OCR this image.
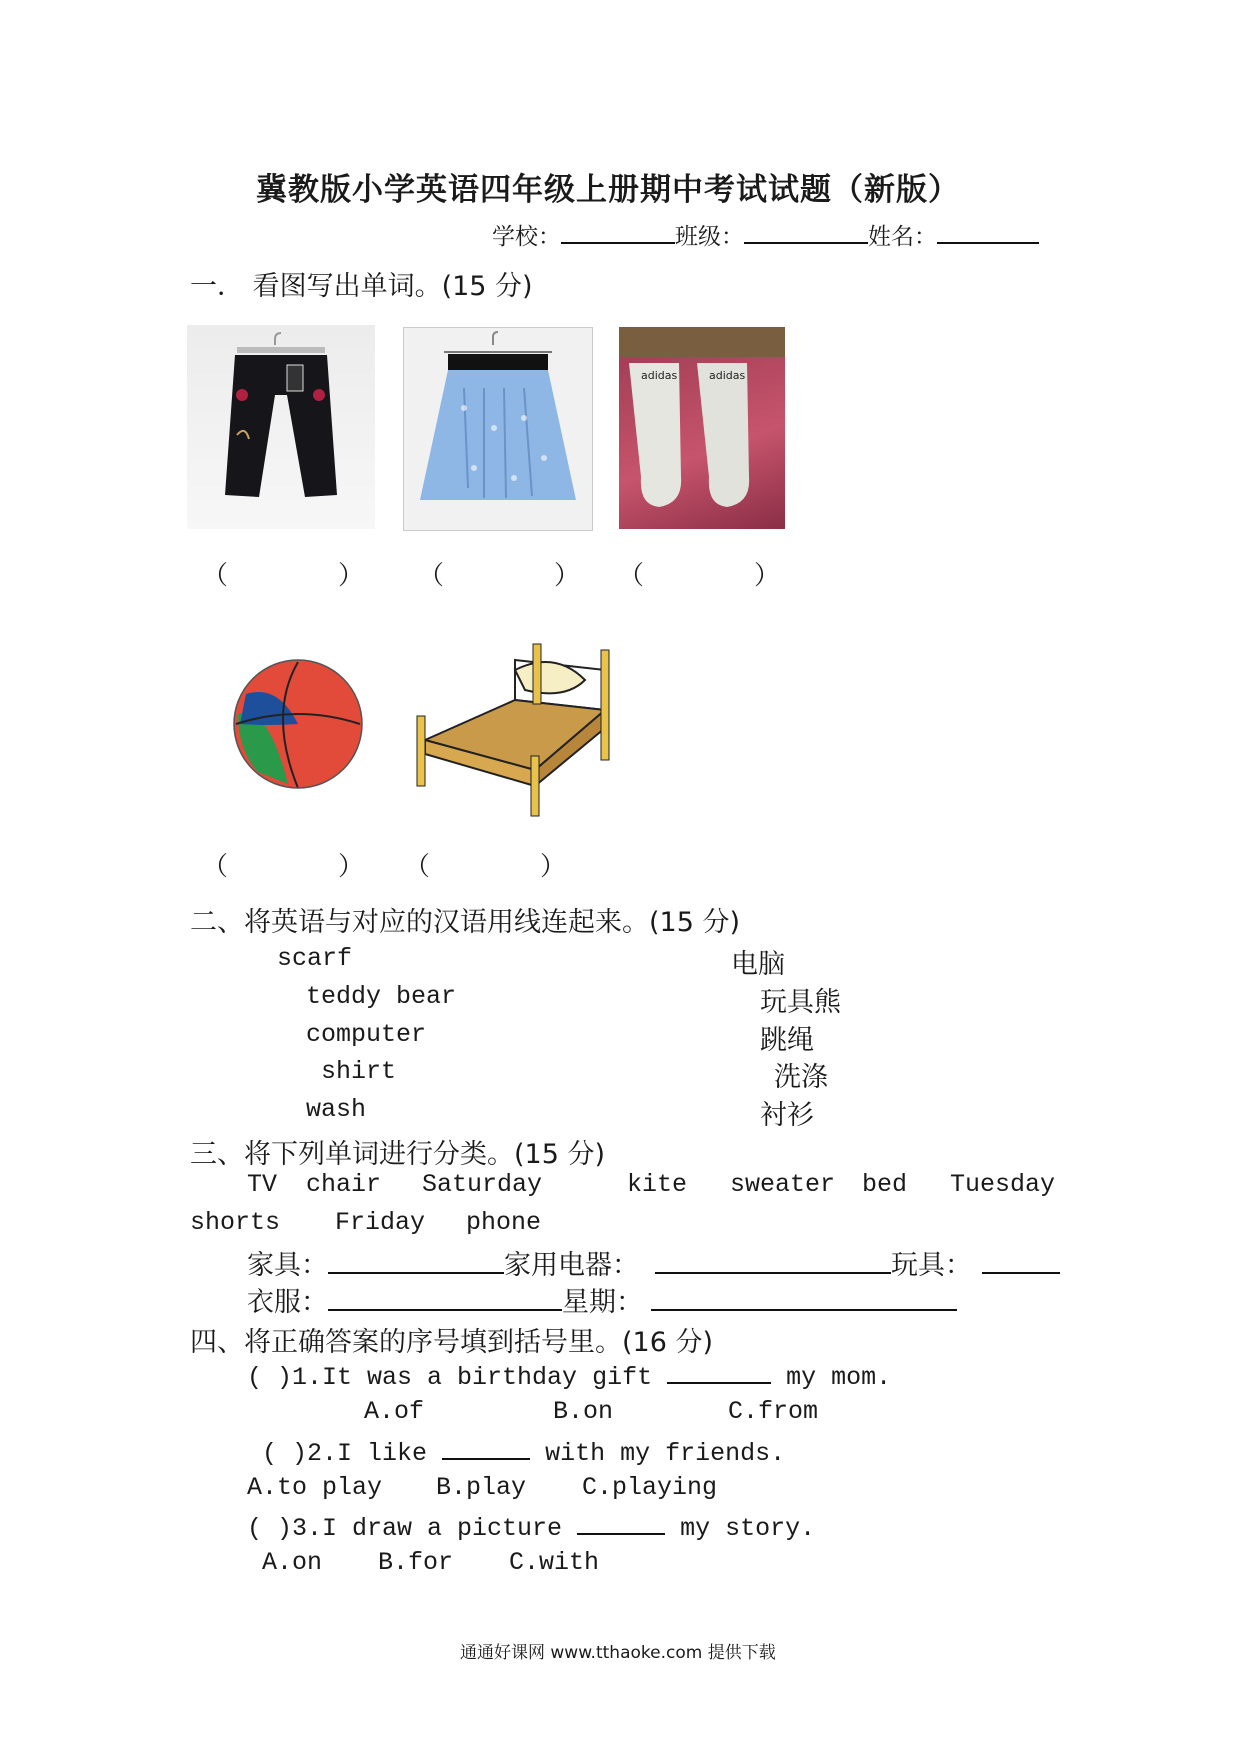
冀教版小学英语四年级上册期中考试试题（新版）
学校：	班级：	姓名：
一． 看图写出单词。(15 分)
adidas	adidas
（	） （	） （	）
（	） （	）
二、将英语与对应的汉语用线连起来。(15 分)
scarf
teddy bear
computer
shirt
wash
电脑
玩具熊
跳绳
洗涤
衬衫
三、将下列单词进行分类。(15 分)
TV chair Saturday	kite sweater bed Tuesday
shorts Friday phone
家具：	家用电器：	玩具：
衣服：	星期：
四、将正确答案的序号填到括号里。(16 分)
( )1.It was a birthday gift	my mom.
A.of	B.on	C.from
( )2.I like	with my friends.
A.to play B.play C.playing
( )3.I draw a picture	my story.
A.on B.for C.with
通通好课网 www.tthaoke.com 提供下载
